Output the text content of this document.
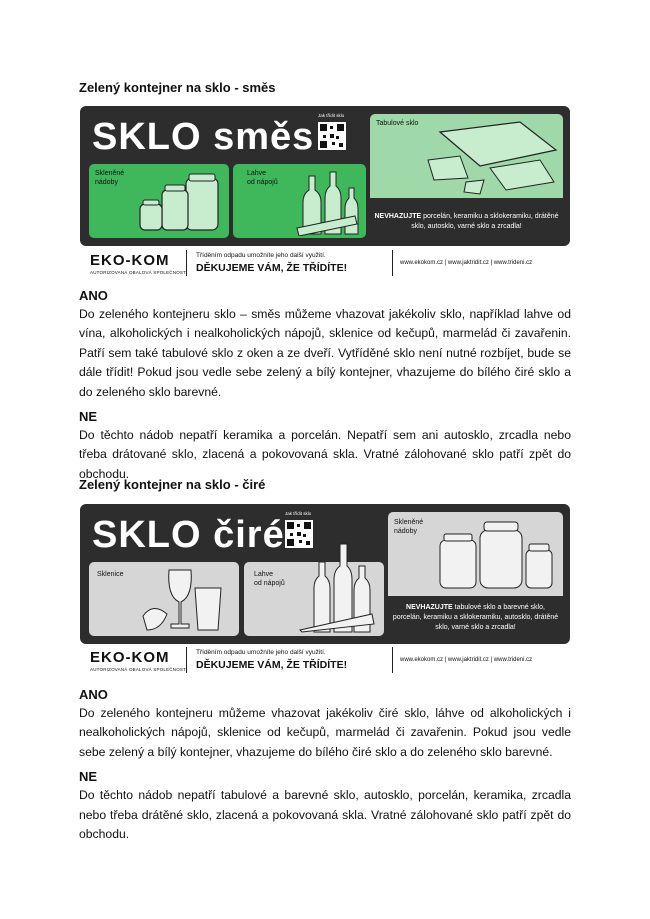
Zelený kontejner na sklo - směs
SKLO směs
Jak třídit sklo
Skleněné
nádoby
Lahve
od nápojů
Tabulové sklo
NEVHAZUJTE porcelán, keramiku a sklokeramiku, drátěné sklo, autosklo, varné sklo a zrcadla!
EKO-KOM
AUTORIZOVANÁ OBALOVÁ SPOLEČNOST
Tříděním odpadu umožníte jeho další využití.
DĚKUJEME VÁM, ŽE TŘÍDÍTE!	www.ekokom.cz | www.jaktridit.cz | www.trideni.cz
ANO

Do zeleného kontejneru sklo – směs můžeme vhazovat jakékoliv sklo, například lahve od vína, alkoholických i nealkoholických nápojů, sklenice od kečupů, marmelád či zavařenin. Patří sem také tabulové sklo z oken a ze dveří. Vytříděné sklo není nutné rozbíjet, bude se dále třídit! Pokud jsou vedle sebe zelený a bílý kontejner, vhazujeme do bílého čiré sklo a do zeleného sklo barevné.

NE

Do těchto nádob nepatří keramika a porcelán. Nepatří sem ani autosklo, zrcadla nebo třeba drátované sklo, zlacená a pokovovaná skla. Vratné zálohované sklo patří zpět do obchodu.

Zelený kontejner na sklo - čiré
SKLO čiré
Jak třídit sklo
Sklenice	Lahve
od nápojů
Skleněné
nádoby
NEVHAZUJTE tabulové sklo a barevné sklo, porcelán, keramiku a sklokeramiku, autosklo, drátěné sklo, varné sklo a zrcadla!
EKO-KOM
AUTORIZOVANÁ OBALOVÁ SPOLEČNOST
Tříděním odpadu umožníte jeho další využití.
DĚKUJEME VÁM, ŽE TŘÍDÍTE!	www.ekokom.cz | www.jaktridit.cz | www.trideni.cz
ANO

Do zeleného kontejneru můžeme vhazovat jakékoliv čiré sklo, láhve od alkoholických i nealkoholických nápojů, sklenice od kečupů, marmelád či zavařenin. Pokud jsou vedle sebe zelený a bílý kontejner, vhazujeme do bílého čiré sklo a do zeleného sklo barevné.

NE

Do těchto nádob nepatří tabulové a barevné sklo, autosklo, porcelán, keramika, zrcadla nebo třeba drátěné sklo, zlacená a pokovovaná skla. Vratné zálohované sklo patří zpět do obchodu.
